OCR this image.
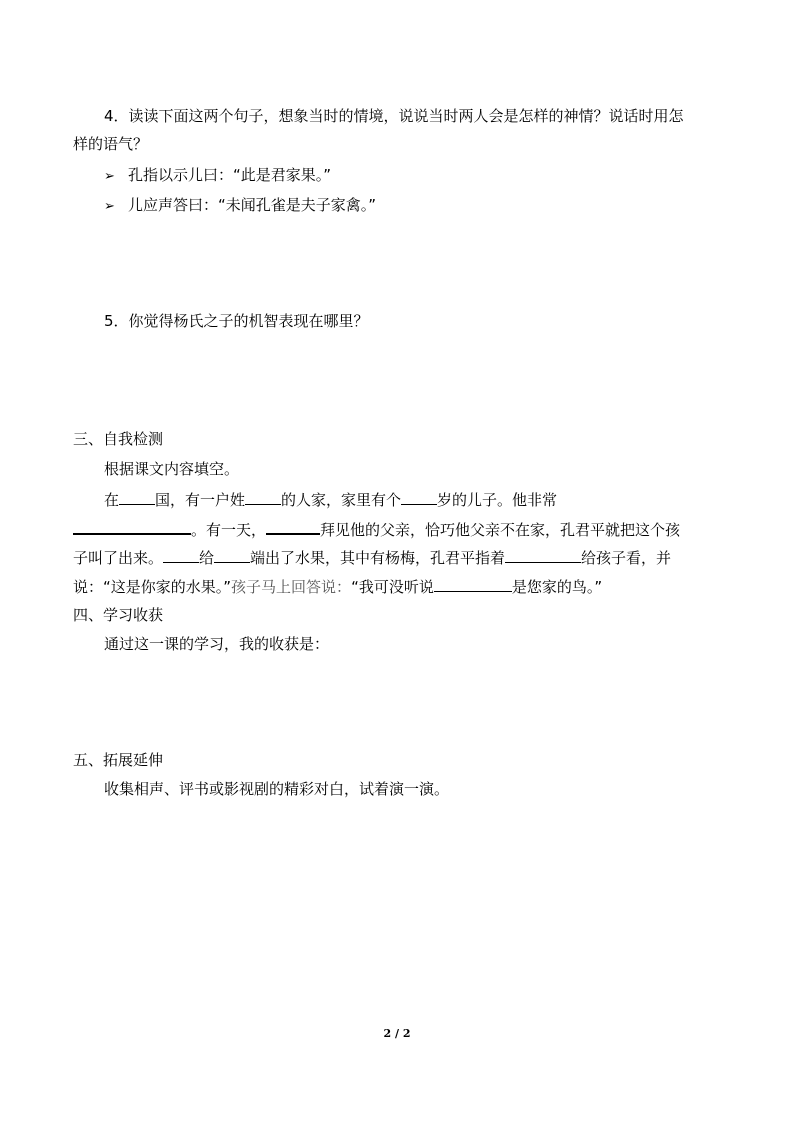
4．读读下面这两个句子，想象当时的情境，说说当时两人会是怎样的神情？说话时用怎
样的语气？
➢ 孔指以示儿曰：“此是君家果。”
➢ 儿应声答曰：“未闻孔雀是夫子家禽。”
5．你觉得杨氏之子的机智表现在哪里？
三、自我检测
根据课文内容填空。
在 国，有一户姓 的人家，家里有个 岁的儿子。他非常
。有一天，	拜见他的父亲，恰巧他父亲不在家，孔君平就把这个孩
子叫了出来。 给 端出了水果，其中有杨梅，孔君平指着	给孩子看，并
说：“这是你家的水果。”孩子马上回答说：“我可没听说	是您家的鸟。”
四、学习收获
通过这一课的学习，我的收获是：
五、拓展延伸
收集相声、评书或影视剧的精彩对白，试着演一演。
2 / 2
